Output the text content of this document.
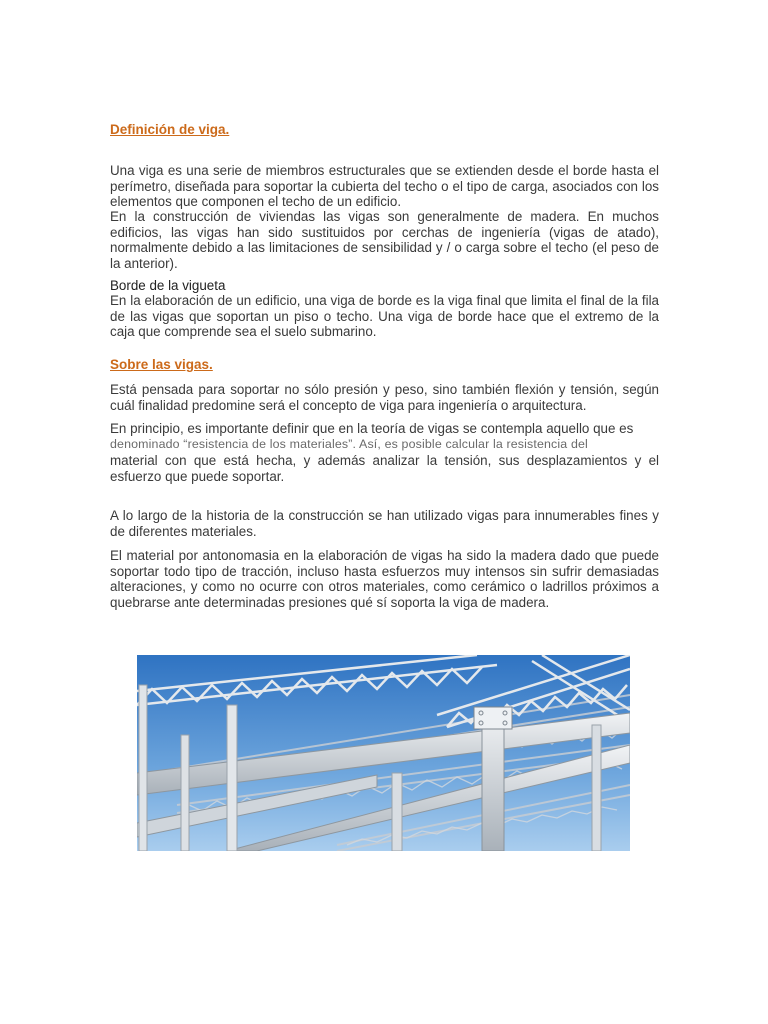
Definición de viga.

Una viga es una serie de miembros estructurales que se extienden desde el borde hasta el perímetro, diseñada para soportar la cubierta del techo o el tipo de carga, asociados con los elementos que componen el techo de un edificio.

En la construcción de viviendas las vigas son generalmente de madera. En muchos edificios, las vigas han sido sustituidos por cerchas de ingeniería (vigas de atado), normalmente debido a las limitaciones de sensibilidad y / o carga sobre el techo (el peso de la anterior).

Borde de la vigueta

En la elaboración de un edificio, una viga de borde es la viga final que limita el final de la fila de las vigas que soportan un piso o techo. Una viga de borde hace que el extremo de la caja que comprende sea el suelo submarino.

Sobre las vigas.

Está pensada para soportar no sólo presión y peso, sino también flexión y tensión, según cuál finalidad predomine será el concepto de viga para ingeniería o arquitectura.

En principio, es importante definir que en la teoría de vigas se contempla aquello que es
denominado “resistencia de los materiales”. Así, es posible calcular la resistencia del
material con que está hecha, y además analizar la tensión, sus desplazamientos y el esfuerzo que puede soportar.

A lo largo de la historia de la construcción se han utilizado vigas para innumerables fines y de diferentes materiales.

El material por antonomasia en la elaboración de vigas ha sido la madera dado que puede soportar todo tipo de tracción, incluso hasta esfuerzos muy intensos sin sufrir demasiadas alteraciones, y como no ocurre con otros materiales, como cerámico o ladrillos próximos a quebrarse ante determinadas presiones qué sí soporta la viga de madera.
